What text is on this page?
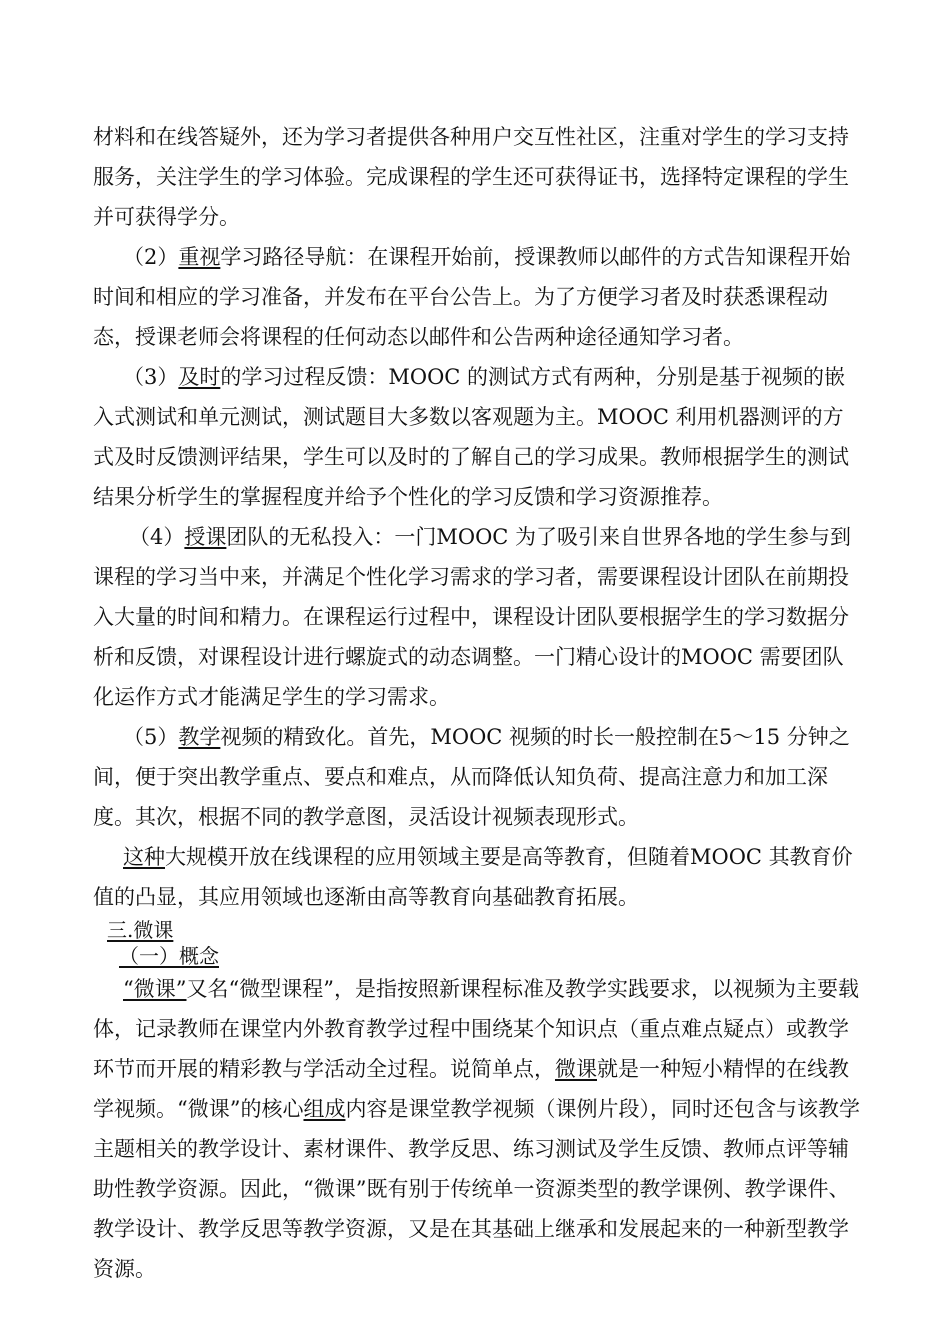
材料和在线答疑外，还为学习者提供各种用户交互性社区，注重对学生的学习支持服务，关注学生的学习体验。完成课程的学生还可获得证书，选择特定课程的学生并可获得学分。

（2）重视学习路径导航：在课程开始前，授课教师以邮件的方式告知课程开始时间和相应的学习准备，并发布在平台公告上。为了方便学习者及时获悉课程动态，授课老师会将课程的任何动态以邮件和公告两种途径通知学习者。

（3）及时的学习过程反馈：MOOC 的测试方式有两种，分别是基于视频的嵌入式测试和单元测试，测试题目大多数以客观题为主。MOOC 利用机器测评的方式及时反馈测评结果，学生可以及时的了解自己的学习成果。教师根据学生的测试结果分析学生的掌握程度并给予个性化的学习反馈和学习资源推荐。

（4）授课团队的无私投入：一门MOOC 为了吸引来自世界各地的学生参与到课程的学习当中来，并满足个性化学习需求的学习者，需要课程设计团队在前期投入大量的时间和精力。在课程运行过程中，课程设计团队要根据学生的学习数据分析和反馈，对课程设计进行螺旋式的动态调整。一门精心设计的MOOC 需要团队化运作方式才能满足学生的学习需求。

（5）教学视频的精致化。首先，MOOC 视频的时长一般控制在5～15 分钟之间，便于突出教学重点、要点和难点，从而降低认知负荷、提高注意力和加工深度。其次，根据不同的教学意图，灵活设计视频表现形式。

这种大规模开放在线课程的应用领域主要是高等教育，但随着MOOC 其教育价值的凸显，其应用领域也逐渐由高等教育向基础教育拓展。

三.微课

（一）概念

“微课”又名“微型课程”，是指按照新课程标准及教学实践要求，以视频为主要载体，记录教师在课堂内外教育教学过程中围绕某个知识点（重点难点疑点）或教学环节而开展的精彩教与学活动全过程。说简单点，微课就是一种短小精悍的在线教学视频。“微课”的核心组成内容是课堂教学视频（课例片段），同时还包含与该教学主题相关的教学设计、素材课件、教学反思、练习测试及学生反馈、教师点评等辅助性教学资源。因此，“微课”既有别于传统单一资源类型的教学课例、教学课件、教学设计、教学反思等教学资源，又是在其基础上继承和发展起来的一种新型教学资源。
